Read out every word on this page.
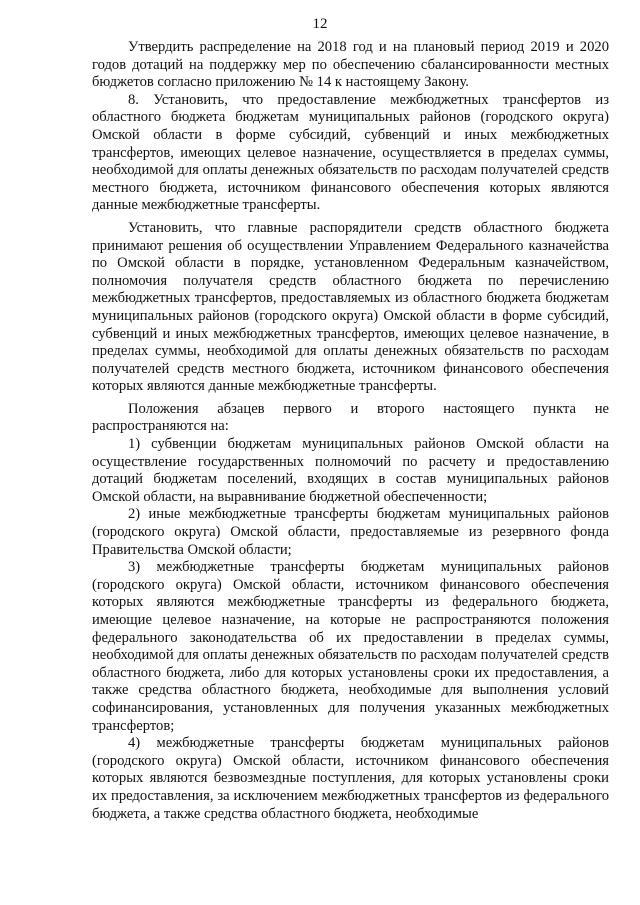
12

Утвердить распределение на 2018 год и на плановый период 2019 и 2020 годов дотаций на поддержку мер по обеспечению сбалансированности местных бюджетов согласно приложению № 14 к настоящему Закону.

8. Установить, что предоставление межбюджетных трансфертов из областного бюджета бюджетам муниципальных районов (городского округа) Омской области в форме субсидий, субвенций и иных межбюджетных трансфертов, имеющих целевое назначение, осуществляется в пределах суммы, необходимой для оплаты денежных обязательств по расходам получателей средств местного бюджета, источником финансового обеспечения которых являются данные межбюджетные трансферты.

Установить, что главные распорядители средств областного бюджета принимают решения об осуществлении Управлением Федерального казначейства по Омской области в порядке, установленном Федеральным казначейством, полномочия получателя средств областного бюджета по перечислению межбюджетных трансфертов, предоставляемых из областного бюджета бюджетам муниципальных районов (городского округа) Омской области в форме субсидий, субвенций и иных межбюджетных трансфертов, имеющих целевое назначение, в пределах суммы, необходимой для оплаты денежных обязательств по расходам получателей средств местного бюджета, источником финансового обеспечения которых являются данные межбюджетные трансферты.

Положения абзацев первого и второго настоящего пункта не распространяются на:

1) субвенции бюджетам муниципальных районов Омской области на осуществление государственных полномочий по расчету и предоставлению дотаций бюджетам поселений, входящих в состав муниципальных районов Омской области, на выравнивание бюджетной обеспеченности;

2) иные межбюджетные трансферты бюджетам муниципальных районов (городского округа) Омской области, предоставляемые из резервного фонда Правительства Омской области;

3) межбюджетные трансферты бюджетам муниципальных районов (городского округа) Омской области, источником финансового обеспечения которых являются межбюджетные трансферты из федерального бюджета, имеющие целевое назначение, на которые не распространяются положения федерального законодательства об их предоставлении в пределах суммы, необходимой для оплаты денежных обязательств по расходам получателей средств областного бюджета, либо для которых установлены сроки их предоставления, а также средства областного бюджета, необходимые для выполнения условий софинансирования, установленных для получения указанных межбюджетных трансфертов;

4) межбюджетные трансферты бюджетам муниципальных районов (городского округа) Омской области, источником финансового обеспечения которых являются безвозмездные поступления, для которых установлены сроки их предоставления, за исключением межбюджетных трансфертов из федерального бюджета, а также средства областного бюджета, необходимые
